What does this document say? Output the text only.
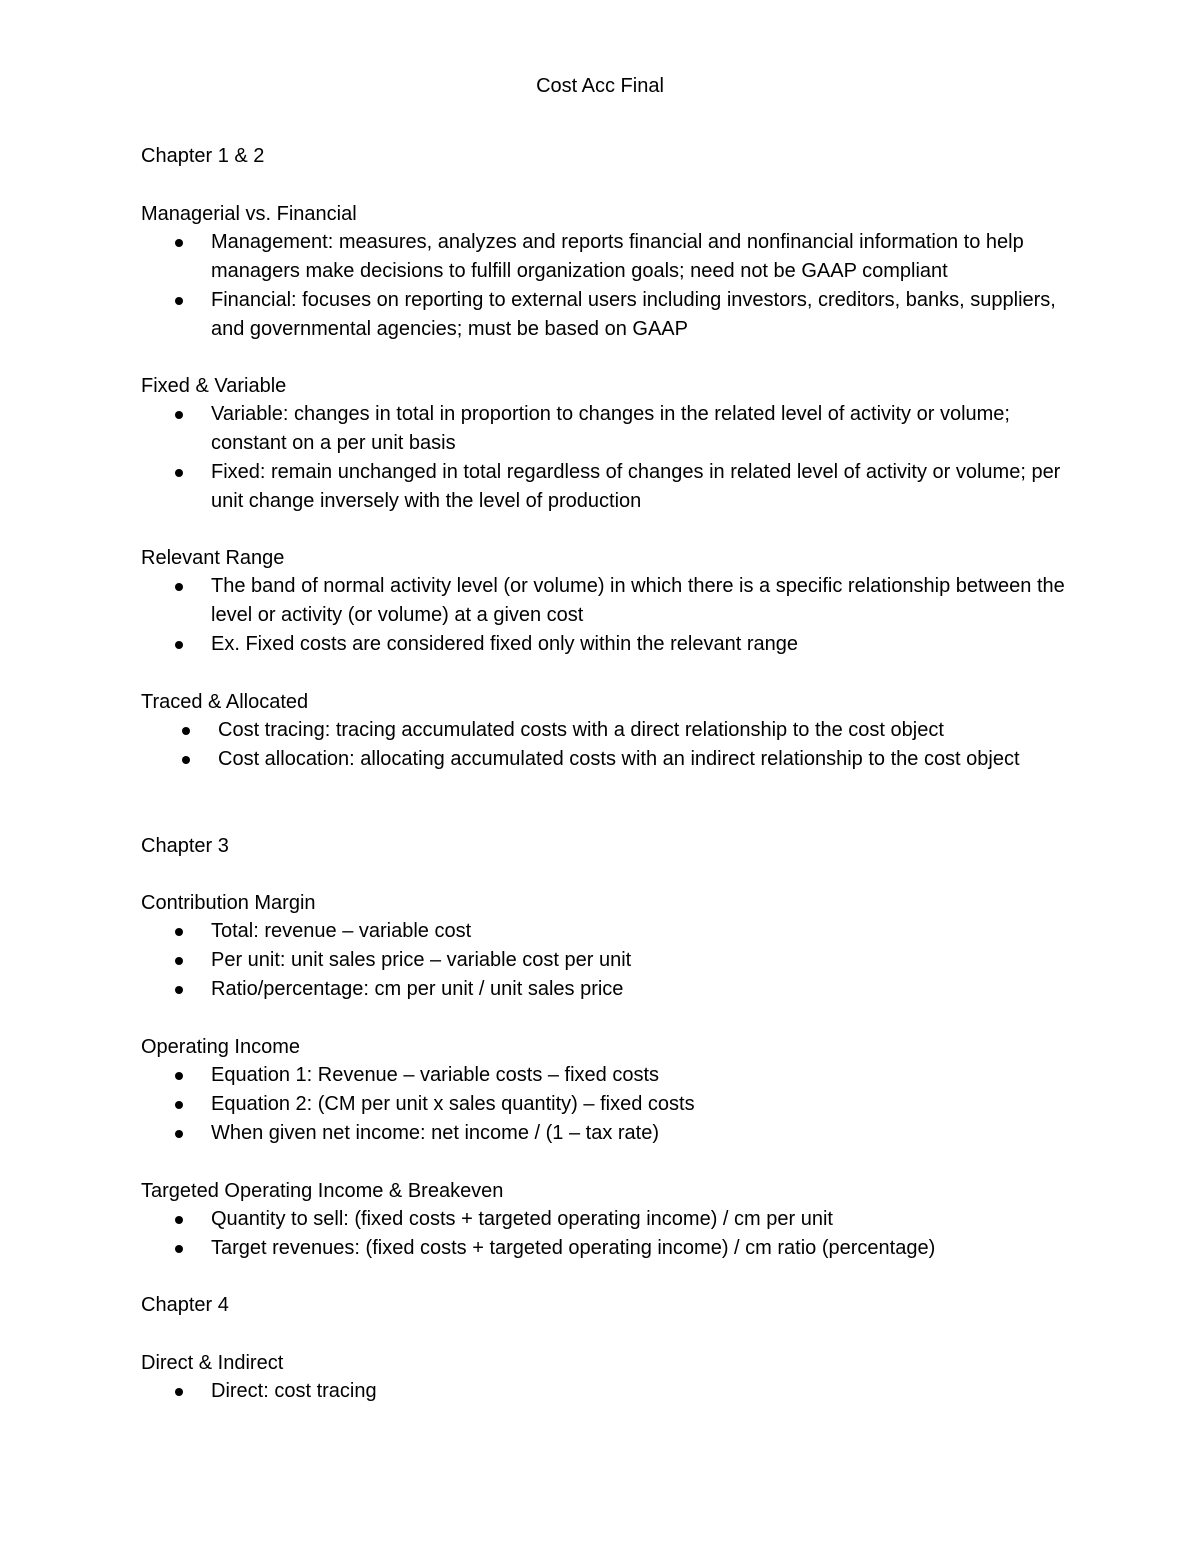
Cost Acc Final
Chapter 1 & 2
Managerial vs. Financial
Management: measures, analyzes and reports financial and nonfinancial information to help managers make decisions to fulfill organization goals; need not be GAAP compliant
Financial: focuses on reporting to external users including investors, creditors, banks, suppliers, and governmental agencies; must be based on GAAP
Fixed & Variable
Variable: changes in total in proportion to changes in the related level of activity or volume; constant on a per unit basis
Fixed: remain unchanged in total regardless of changes in related level of activity or volume; per unit change inversely with the level of production
Relevant Range
The band of normal activity level (or volume) in which there is a specific relationship between the level or activity (or volume) at a given cost
Ex. Fixed costs are considered fixed only within the relevant range
Traced & Allocated
Cost tracing: tracing accumulated costs with a direct relationship to the cost object
Cost allocation: allocating accumulated costs with an indirect relationship to the cost object
Chapter 3
Contribution Margin
Total: revenue – variable cost
Per unit: unit sales price – variable cost per unit
Ratio/percentage: cm per unit / unit sales price
Operating Income
Equation 1: Revenue – variable costs – fixed costs
Equation 2: (CM per unit x sales quantity) – fixed costs
When given net income: net income / (1 – tax rate)
Targeted Operating Income & Breakeven
Quantity to sell: (fixed costs + targeted operating income) / cm per unit
Target revenues: (fixed costs + targeted operating income) / cm ratio (percentage)
Chapter 4
Direct & Indirect
Direct: cost tracing
